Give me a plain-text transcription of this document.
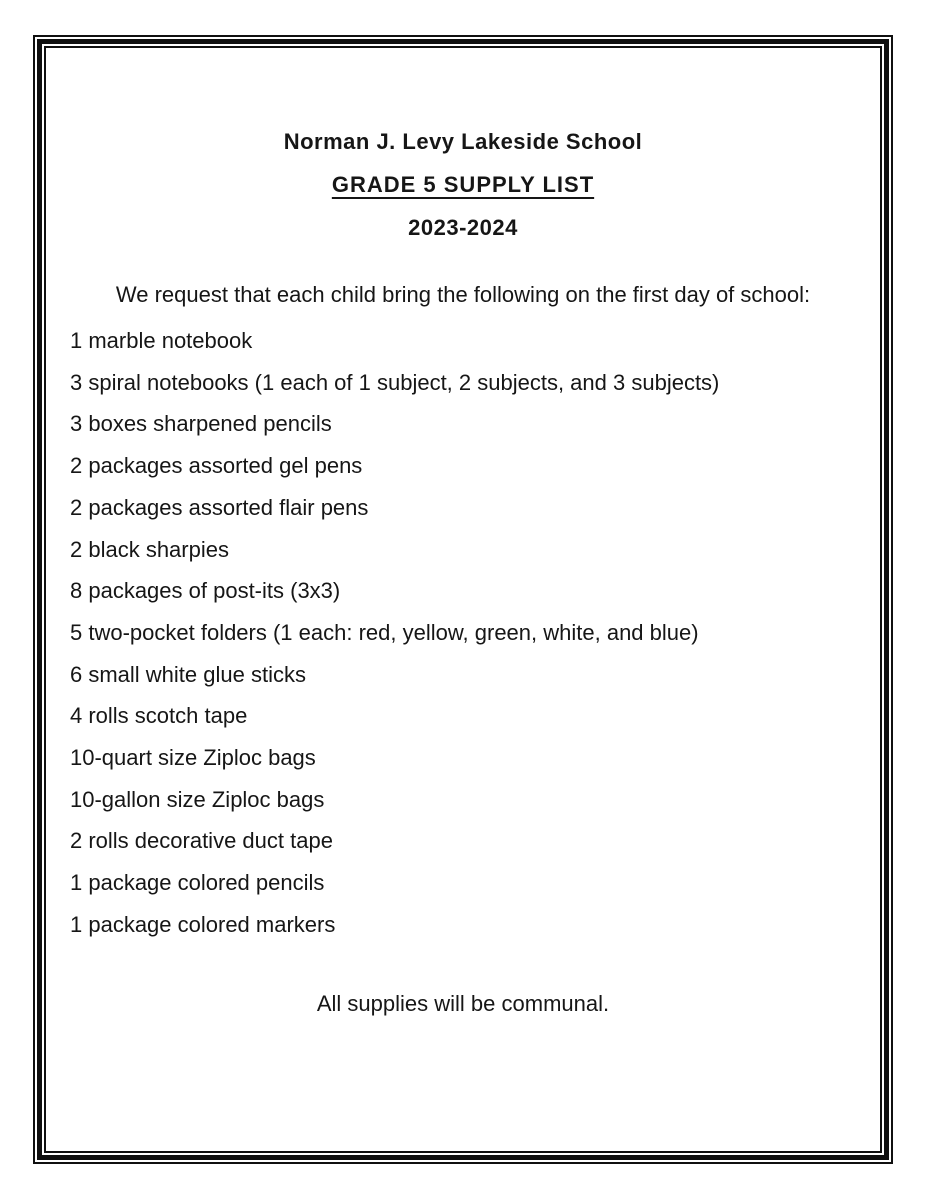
Norman J. Levy Lakeside School
GRADE 5 SUPPLY LIST
2023-2024
We request that each child bring the following on the first day of school:
1 marble notebook
3 spiral notebooks (1 each of 1 subject, 2 subjects, and 3 subjects)
3 boxes sharpened pencils
2 packages assorted gel pens
2 packages assorted flair pens
2 black sharpies
8 packages of post-its (3x3)
5 two-pocket folders (1 each: red, yellow, green, white, and blue)
6 small white glue sticks
4 rolls scotch tape
10-quart size Ziploc bags
10-gallon size Ziploc bags
2 rolls decorative duct tape
1 package colored pencils
1 package colored markers
All supplies will be communal.
